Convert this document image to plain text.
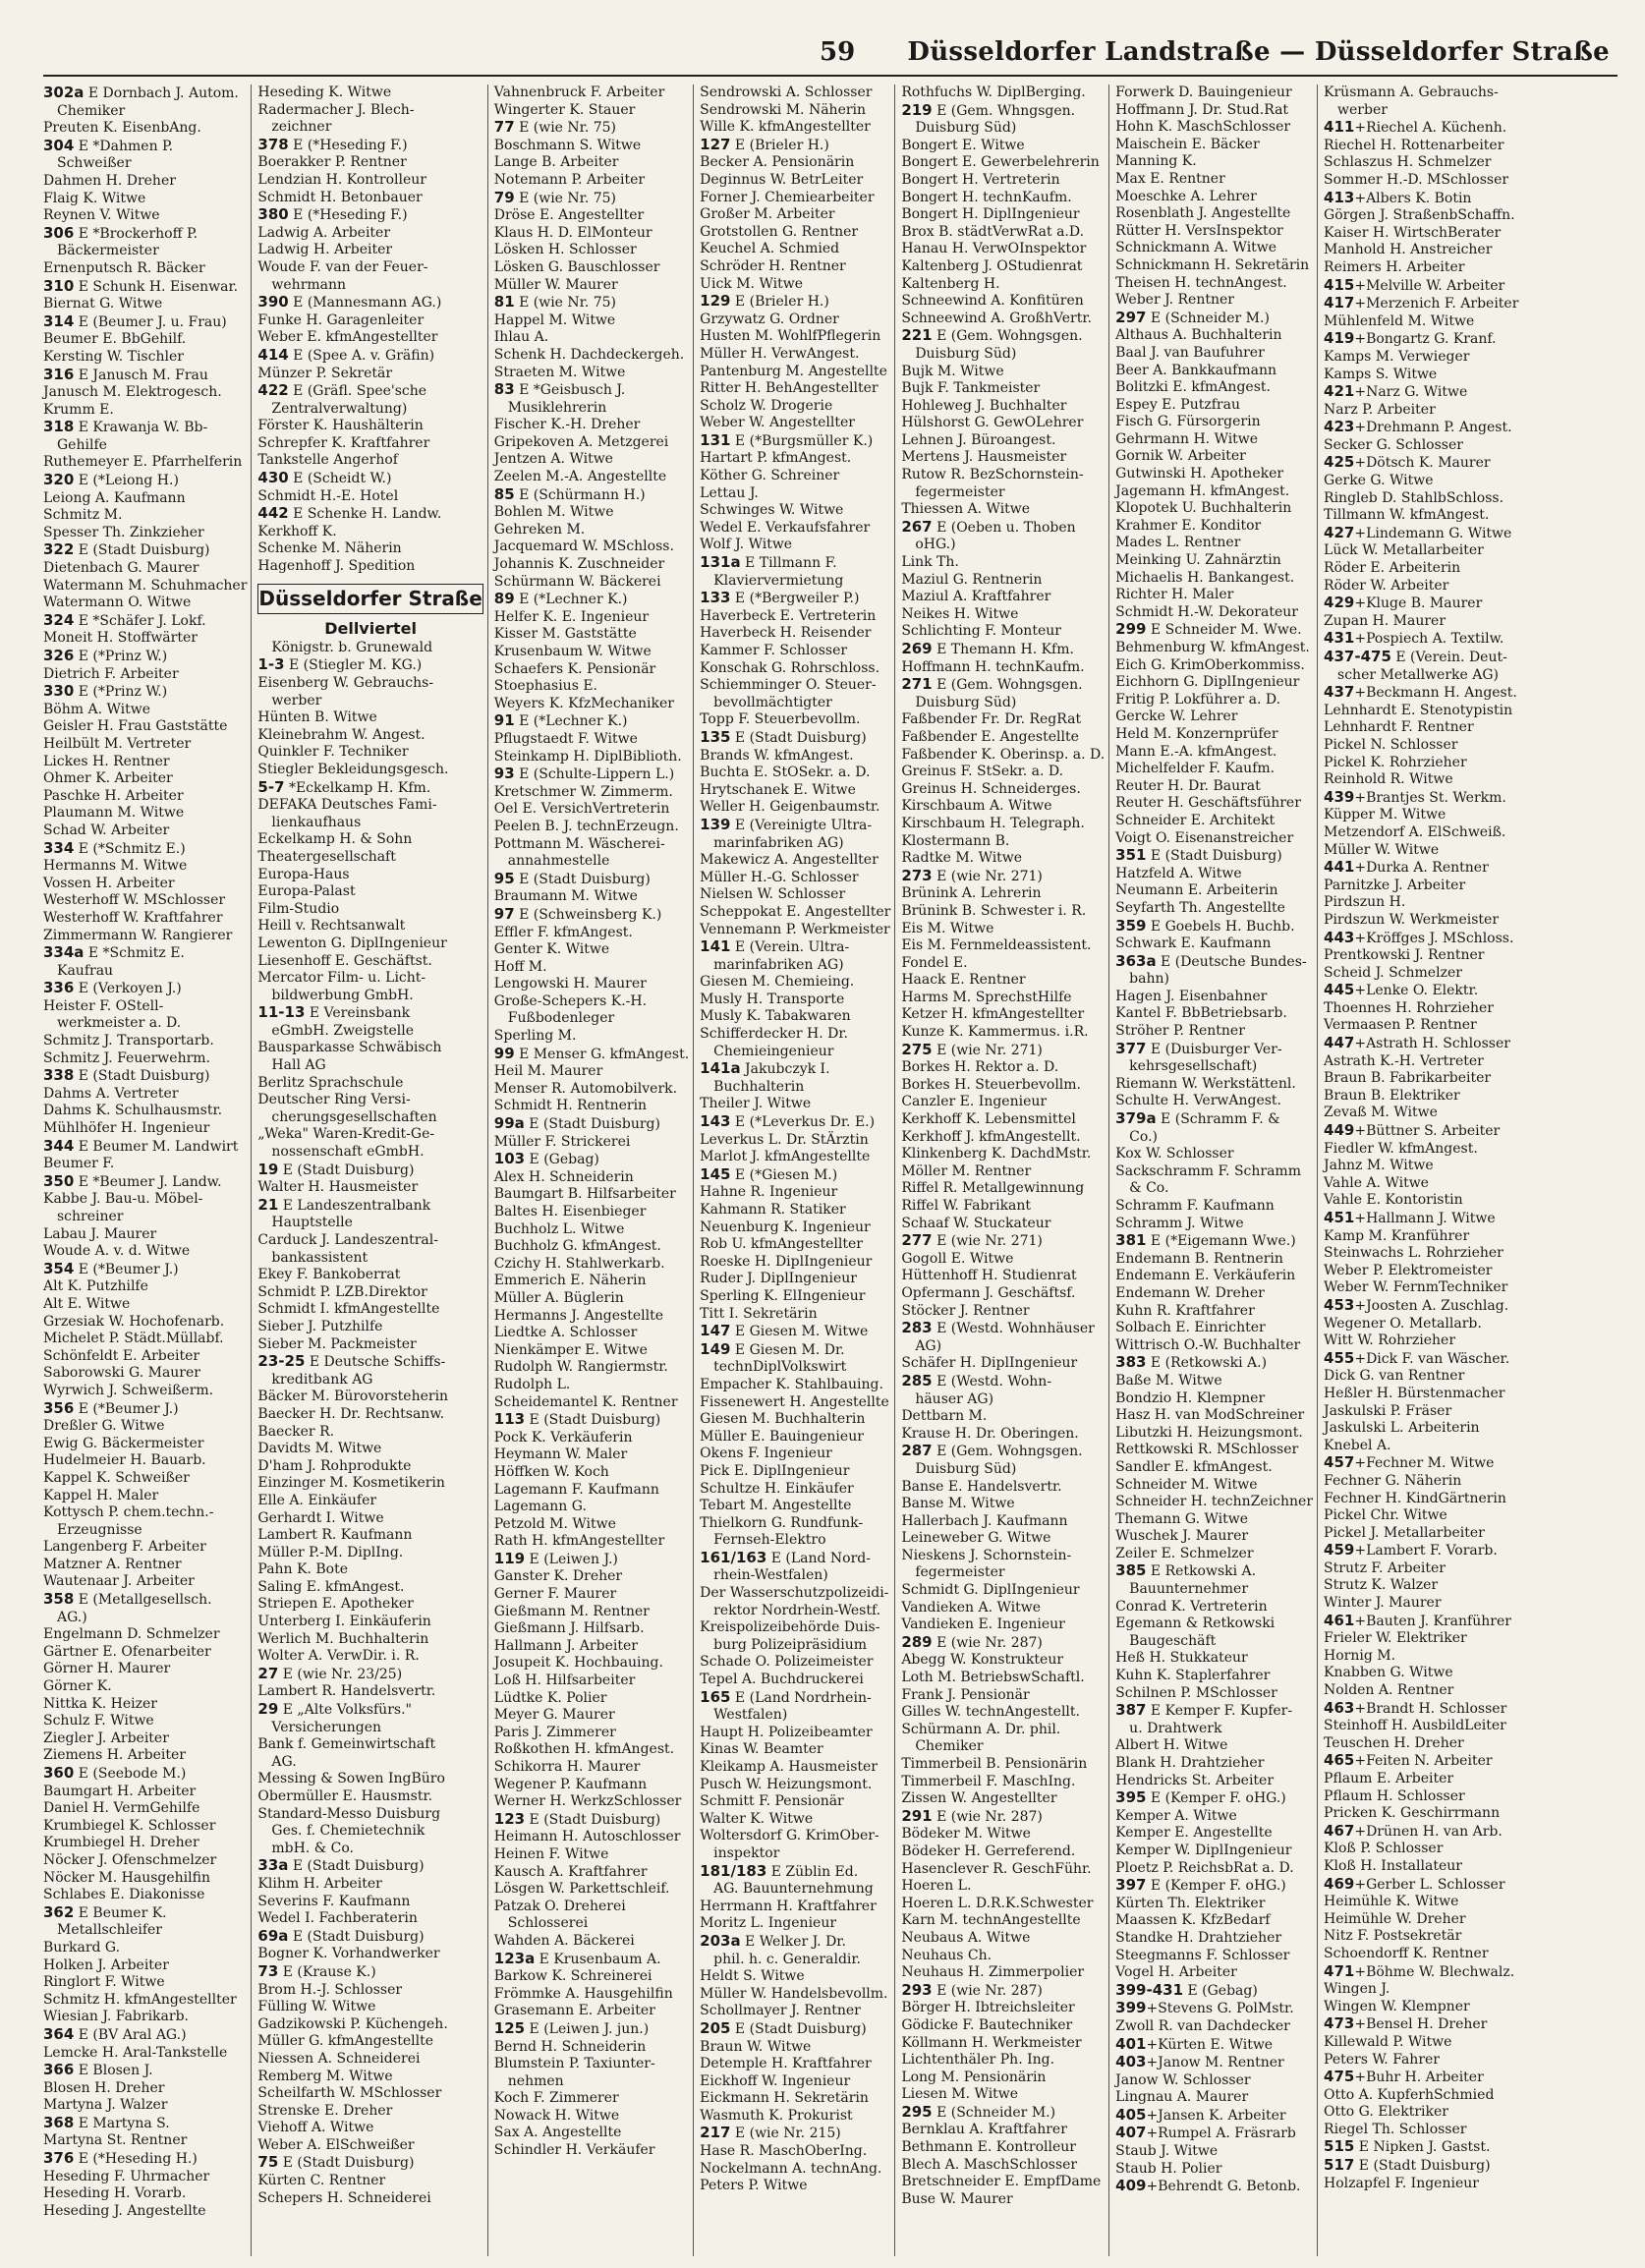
59 Düsseldorfer Landstraße — Düsseldorfer Straße
302a E Dornbach J. Autom.
Chemiker
Preuten K. EisenbAng.
304 E *Dahmen P.
Schweißer
Dahmen H. Dreher
Flaig K. Witwe
Reynen V. Witwe
306 E *Brockerhoff P.
Bäckermeister
Ernenputsch R. Bäcker
310 E Schunk H. Eisenwar.
Biernat G. Witwe
314 E (Beumer J. u. Frau)
Beumer E. BbGehilf.
Kersting W. Tischler
316 E Janusch M. Frau
Janusch M. Elektrogesch.
Krumm E.
318 E Krawanja W. Bb-
Gehilfe
Ruthemeyer E. Pfarrhelferin
320 E (*Leiong H.)
Leiong A. Kaufmann
Schmitz M.
Spesser Th. Zinkzieher
322 E (Stadt Duisburg)
Dietenbach G. Maurer
Watermann M. Schuhmacher
Watermann O. Witwe
324 E *Schäfer J. Lokf.
Moneit H. Stoffwärter
326 E (*Prinz W.)
Dietrich F. Arbeiter
330 E (*Prinz W.)
Böhm A. Witwe
Geisler H. Frau Gaststätte
Heilbült M. Vertreter
Lickes H. Rentner
Ohmer K. Arbeiter
Paschke H. Arbeiter
Plaumann M. Witwe
Schad W. Arbeiter
334 E (*Schmitz E.)
Hermanns M. Witwe
Vossen H. Arbeiter
Westerhoff W. MSchlosser
Westerhoff W. Kraftfahrer
Zimmermann W. Rangierer
334a E *Schmitz E.
Kaufrau
336 E (Verkoyen J.)
Heister F. OStell-
werkmeister a. D.
Schmitz J. Transportarb.
Schmitz J. Feuerwehrm.
338 E (Stadt Duisburg)
Dahms A. Vertreter
Dahms K. Schulhausmstr.
Mühlhöfer H. Ingenieur
344 E Beumer M. Landwirt
Beumer F.
350 E *Beumer J. Landw.
Kabbe J. Bau-u. Möbel-
schreiner
Labau J. Maurer
Woude A. v. d. Witwe
354 E (*Beumer J.)
Alt K. Putzhilfe
Alt E. Witwe
Grzesiak W. Hochofenarb.
Michelet P. Städt.Müllabf.
Schönfeldt E. Arbeiter
Saborowski G. Maurer
Wyrwich J. Schweißerm.
356 E (*Beumer J.)
Dreßler G. Witwe
Ewig G. Bäckermeister
Hudelmeier H. Bauarb.
Kappel K. Schweißer
Kappel H. Maler
Kottysch P. chem.techn.-
Erzeugnisse
Langenberg F. Arbeiter
Matzner A. Rentner
Wautenaar J. Arbeiter
358 E (Metallgesellsch.
AG.)
Engelmann D. Schmelzer
Gärtner E. Ofenarbeiter
Görner H. Maurer
Görner K.
Nittka K. Heizer
Schulz F. Witwe
Ziegler J. Arbeiter
Ziemens H. Arbeiter
360 E (Seebode M.)
Baumgart H. Arbeiter
Daniel H. VermGehilfe
Krumbiegel K. Schlosser
Krumbiegel H. Dreher
Nöcker J. Ofenschmelzer
Nöcker M. Hausgehilfin
Schlabes E. Diakonisse
362 E Beumer K.
Metallschleifer
Burkard G.
Holken J. Arbeiter
Ringlort F. Witwe
Schmitz H. kfmAngestellter
Wiesian J. Fabrikarb.
364 E (BV Aral AG.)
Lemcke H. Aral-Tankstelle
366 E Blosen J.
Blosen H. Dreher
Martyna J. Walzer
368 E Martyna S.
Martyna St. Rentner
376 E (*Heseding H.)
Heseding F. Uhrmacher
Heseding H. Vorarb.
Heseding J. Angestellte
Heseding K. Witwe
Radermacher J. Blech-
zeichner
378 E (*Heseding F.)
Boerakker P. Rentner
Lendzian H. Kontrolleur
Schmidt H. Betonbauer
380 E (*Heseding F.)
Ladwig A. Arbeiter
Ladwig H. Arbeiter
Woude F. van der Feuer-
wehrmann
390 E (Mannesmann AG.)
Funke H. Garagenleiter
Weber E. kfmAngestellter
414 E (Spee A. v. Gräfin)
Münzer P. Sekretär
422 E (Gräfl. Spee'sche
Zentralverwaltung)
Förster K. Haushälterin
Schrepfer K. Kraftfahrer
Tankstelle Angerhof
430 E (Scheidt W.)
Schmidt H.-E. Hotel
442 E Schenke H. Landw.
Kerkhoff K.
Schenke M. Näherin
Hagenhoff J. Spedition
Düsseldorfer Straße
Dellviertel
Königstr. b. Grunewald
1-3 E (Stiegler M. KG.)
Eisenberg W. Gebrauchs-
werber
Hünten B. Witwe
Kleinebrahm W. Angest.
Quinkler F. Techniker
Stiegler Bekleidungsgesch.
5-7 *Eckelkamp H. Kfm.
DEFAKA Deutsches Fami-
lienkaufhaus
Eckelkamp H. & Sohn
Theatergesellschaft
Europa-Haus
Europa-Palast
Film-Studio
Heill v. Rechtsanwalt
Lewenton G. DiplIngenieur
Liesenhoff E. Geschäftst.
Mercator Film- u. Licht-
bildwerbung GmbH.
11-13 E Vereinsbank
eGmbH. Zweigstelle
Bausparkasse Schwäbisch
Hall AG
Berlitz Sprachschule
Deutscher Ring Versi-
cherungsgesellschaften
„Weka" Waren-Kredit-Ge-
nossenschaft eGmbH.
19 E (Stadt Duisburg)
Walter H. Hausmeister
21 E Landeszentralbank
Hauptstelle
Carduck J. Landeszentral-
bankassistent
Ekey F. Bankoberrat
Schmidt P. LZB.Direktor
Schmidt I. kfmAngestellte
Sieber J. Putzhilfe
Sieber M. Packmeister
23-25 E Deutsche Schiffs-
kreditbank AG
Bäcker M. Bürovorsteherin
Baecker H. Dr. Rechtsanw.
Baecker R.
Davidts M. Witwe
D'ham J. Rohprodukte
Einzinger M. Kosmetikerin
Elle A. Einkäufer
Gerhardt I. Witwe
Lambert R. Kaufmann
Müller P.-M. DiplIng.
Pahn K. Bote
Saling E. kfmAngest.
Striepen E. Apotheker
Unterberg I. Einkäuferin
Werlich M. Buchhalterin
Wolter A. VerwDir. i. R.
27 E (wie Nr. 23/25)
Lambert R. Handelsvertr.
29 E „Alte Volksfürs."
Versicherungen
Bank f. Gemeinwirtschaft
AG.
Messing & Sowen IngBüro
Obermüller E. Hausmstr.
Standard-Messo Duisburg
Ges. f. Chemietechnik
mbH. & Co.
33a E (Stadt Duisburg)
Klihm H. Arbeiter
Severins F. Kaufmann
Wedel I. Fachberaterin
69a E (Stadt Duisburg)
Bogner K. Vorhandwerker
73 E (Krause K.)
Brom H.-J. Schlosser
Fülling W. Witwe
Gadzikowski P. Küchengeh.
Müller G. kfmAngestellte
Niessen A. Schneiderei
Remberg M. Witwe
Scheilfarth W. MSchlosser
Strenske E. Dreher
Viehoff A. Witwe
Weber A. ElSchweißer
75 E (Stadt Duisburg)
Kürten C. Rentner
Schepers H. Schneiderei
Vahnenbruck F. Arbeiter
Wingerter K. Stauer
77 E (wie Nr. 75)
Boschmann S. Witwe
Lange B. Arbeiter
Notemann P. Arbeiter
79 E (wie Nr. 75)
Dröse E. Angestellter
Klaus H. D. ElMonteur
Lösken H. Schlosser
Lösken G. Bauschlosser
Müller W. Maurer
81 E (wie Nr. 75)
Happel M. Witwe
Ihlau A.
Schenk H. Dachdeckergeh.
Straeten M. Witwe
83 E *Geisbusch J.
Musiklehrerin
Fischer K.-H. Dreher
Gripekoven A. Metzgerei
Jentzen A. Witwe
Zeelen M.-A. Angestellte
85 E (Schürmann H.)
Bohlen M. Witwe
Gehreken M.
Jacquemard W. MSchloss.
Johannis K. Zuschneider
Schürmann W. Bäckerei
89 E (*Lechner K.)
Helfer K. E. Ingenieur
Kisser M. Gaststätte
Krusenbaum W. Witwe
Schaefers K. Pensionär
Stoephasius E.
Weyers K. KfzMechaniker
91 E (*Lechner K.)
Pflugstaedt F. Witwe
Steinkamp H. DiplBiblioth.
93 E (Schulte-Lippern L.)
Kretschmer W. Zimmerm.
Oel E. VersichVertreterin
Peelen B. J. technErzeugn.
Pottmann M. Wäscherei-
annahmestelle
95 E (Stadt Duisburg)
Braumann M. Witwe
97 E (Schweinsberg K.)
Effler F. kfmAngest.
Genter K. Witwe
Hoff M.
Lengowski H. Maurer
Große-Schepers K.-H.
Fußbodenleger
Sperling M.
99 E Menser G. kfmAngest.
Heil M. Maurer
Menser R. Automobilverk.
Schmidt H. Rentnerin
99a E (Stadt Duisburg)
Müller F. Strickerei
103 E (Gebag)
Alex H. Schneiderin
Baumgart B. Hilfsarbeiter
Baltes H. Eisenbieger
Buchholz L. Witwe
Buchholz G. kfmAngest.
Czichy H. Stahlwerkarb.
Emmerich E. Näherin
Müller A. Büglerin
Hermanns J. Angestellte
Liedtke A. Schlosser
Nienkämper E. Witwe
Rudolph W. Rangiermstr.
Rudolph L.
Scheidemantel K. Rentner
113 E (Stadt Duisburg)
Pock K. Verkäuferin
Heymann W. Maler
Höffken W. Koch
Lagemann F. Kaufmann
Lagemann G.
Petzold M. Witwe
Rath H. kfmAngestellter
119 E (Leiwen J.)
Ganster K. Dreher
Gerner F. Maurer
Gießmann M. Rentner
Gießmann J. Hilfsarb.
Hallmann J. Arbeiter
Josupeit K. Hochbauing.
Loß H. Hilfsarbeiter
Lüdtke K. Polier
Meyer G. Maurer
Paris J. Zimmerer
Roßkothen H. kfmAngest.
Schikorra H. Maurer
Wegener P. Kaufmann
Werner H. WerkzSchlosser
123 E (Stadt Duisburg)
Heimann H. Autoschlosser
Heinen F. Witwe
Kausch A. Kraftfahrer
Lösgen W. Parkettschleif.
Patzak O. Dreherei
Schlosserei
Wahden A. Bäckerei
123a E Krusenbaum A.
Barkow K. Schreinerei
Frömmke A. Hausgehilfin
Grasemann E. Arbeiter
125 E (Leiwen J. jun.)
Bernd H. Schneiderin
Blumstein P. Taxiunter-
nehmen
Koch F. Zimmerer
Nowack H. Witwe
Sax A. Angestellte
Schindler H. Verkäufer
Sendrowski A. Schlosser
Sendrowski M. Näherin
Wille K. kfmAngestellter
127 E (Brieler H.)
Becker A. Pensionärin
Deginnus W. BetrLeiter
Forner J. Chemiearbeiter
Großer M. Arbeiter
Grotstollen G. Rentner
Keuchel A. Schmied
Schröder H. Rentner
Uick M. Witwe
129 E (Brieler H.)
Grzywatz G. Ordner
Husten M. WohlfPflegerin
Müller H. VerwAngest.
Pantenburg M. Angestellte
Ritter H. BehAngestellter
Scholz W. Drogerie
Weber W. Angestellter
131 E (*Burgsmüller K.)
Hartart P. kfmAngest.
Köther G. Schreiner
Lettau J.
Schwinges W. Witwe
Wedel E. Verkaufsfahrer
Wolf J. Witwe
131a E Tillmann F.
Klaviervermietung
133 E (*Bergweiler P.)
Haverbeck E. Vertreterin
Haverbeck H. Reisender
Kammer F. Schlosser
Konschak G. Rohrschloss.
Schiemminger O. Steuer-
bevollmächtigter
Topp F. Steuerbevollm.
135 E (Stadt Duisburg)
Brands W. kfmAngest.
Buchta E. StOSekr. a. D.
Hrytschanek E. Witwe
Weller H. Geigenbaumstr.
139 E (Vereinigte Ultra-
marinfabriken AG)
Makewicz A. Angestellter
Müller H.-G. Schlosser
Nielsen W. Schlosser
Scheppokat E. Angestellter
Vennemann P. Werkmeister
141 E (Verein. Ultra-
marinfabriken AG)
Giesen M. Chemieing.
Musly H. Transporte
Musly K. Tabakwaren
Schifferdecker H. Dr.
Chemieingenieur
141a Jakubczyk I.
Buchhalterin
Theiler J. Witwe
143 E (*Leverkus Dr. E.)
Leverkus L. Dr. StÄrztin
Marlot J. kfmAngestellte
145 E (*Giesen M.)
Hahne R. Ingenieur
Kahmann R. Statiker
Neuenburg K. Ingenieur
Rob U. kfmAngestellter
Roeske H. DiplIngenieur
Ruder J. DiplIngenieur
Sperling K. ElIngenieur
Titt I. Sekretärin
147 E Giesen M. Witwe
149 E Giesen M. Dr.
technDiplVolkswirt
Empacher K. Stahlbauing.
Fissenewert H. Angestellte
Giesen M. Buchhalterin
Müller E. Bauingenieur
Okens F. Ingenieur
Pick E. DiplIngenieur
Schultze H. Einkäufer
Tebart M. Angestellte
Thielkorn G. Rundfunk-
Fernseh-Elektro
161/163 E (Land Nord-
rhein-Westfalen)
Der Wasserschutzpolizeidi-
rektor Nordrhein-Westf.
Kreispolizeibehörde Duis-
burg Polizeipräsidium
Schade O. Polizeimeister
Tepel A. Buchdruckerei
165 E (Land Nordrhein-
Westfalen)
Haupt H. Polizeibeamter
Kinas W. Beamter
Kleikamp A. Hausmeister
Pusch W. Heizungsmont.
Schmitt F. Pensionär
Walter K. Witwe
Woltersdorf G. KrimOber-
inspektor
181/183 E Züblin Ed.
AG. Bauunternehmung
Herrmann H. Kraftfahrer
Moritz L. Ingenieur
203a E Welker J. Dr.
phil. h. c. Generaldir.
Heldt S. Witwe
Müller W. Handelsbevollm.
Schollmayer J. Rentner
205 E (Stadt Duisburg)
Braun W. Witwe
Detemple H. Kraftfahrer
Eickhoff W. Ingenieur
Eickmann H. Sekretärin
Wasmuth K. Prokurist
217 E (wie Nr. 215)
Hase R. MaschOberIng.
Nockelmann A. technAng.
Peters P. Witwe
Rothfuchs W. DiplBerging.
219 E (Gem. Whngsgen.
Duisburg Süd)
Bongert E. Witwe
Bongert E. Gewerbelehrerin
Bongert H. Vertreterin
Bongert H. technKaufm.
Bongert H. DiplIngenieur
Brox B. städtVerwRat a.D.
Hanau H. VerwOInspektor
Kaltenberg J. OStudienrat
Kaltenberg H.
Schneewind A. Konfitüren
Schneewind A. GroßhVertr.
221 E (Gem. Wohngsgen.
Duisburg Süd)
Bujk M. Witwe
Bujk F. Tankmeister
Hohleweg J. Buchhalter
Hülshorst G. GewOLehrer
Lehnen J. Büroangest.
Mertens J. Hausmeister
Rutow R. BezSchornstein-
fegermeister
Thiessen A. Witwe
267 E (Oeben u. Thoben
oHG.)
Link Th.
Maziul G. Rentnerin
Maziul A. Kraftfahrer
Neikes H. Witwe
Schlichting F. Monteur
269 E Themann H. Kfm.
Hoffmann H. technKaufm.
271 E (Gem. Wohngsgen.
Duisburg Süd)
Faßbender Fr. Dr. RegRat
Faßbender E. Angestellte
Faßbender K. Oberinsp. a. D.
Greinus F. StSekr. a. D.
Greinus H. Schneiderges.
Kirschbaum A. Witwe
Kirschbaum H. Telegraph.
Klostermann B.
Radtke M. Witwe
273 E (wie Nr. 271)
Brünink A. Lehrerin
Brünink B. Schwester i. R.
Eis M. Witwe
Eis M. Fernmeldeassistent.
Fondel E.
Haack E. Rentner
Harms M. SprechstHilfe
Ketzer H. kfmAngestellter
Kunze K. Kammermus. i.R.
275 E (wie Nr. 271)
Borkes H. Rektor a. D.
Borkes H. Steuerbevollm.
Canzler E. Ingenieur
Kerkhoff K. Lebensmittel
Kerkhoff J. kfmAngestellt.
Klinkenberg K. DachdMstr.
Möller M. Rentner
Riffel R. Metallgewinnung
Riffel W. Fabrikant
Schaaf W. Stuckateur
277 E (wie Nr. 271)
Gogoll E. Witwe
Hüttenhoff H. Studienrat
Opfermann J. Geschäftsf.
Stöcker J. Rentner
283 E (Westd. Wohnhäuser
AG)
Schäfer H. DiplIngenieur
285 E (Westd. Wohn-
häuser AG)
Dettbarn M.
Krause H. Dr. Oberingen.
287 E (Gem. Wohngsgen.
Duisburg Süd)
Banse E. Handelsvertr.
Banse M. Witwe
Hallerbach J. Kaufmann
Leineweber G. Witwe
Nieskens J. Schornstein-
fegermeister
Schmidt G. DiplIngenieur
Vandieken A. Witwe
Vandieken E. Ingenieur
289 E (wie Nr. 287)
Abegg W. Konstrukteur
Loth M. BetriebswSchaftl.
Frank J. Pensionär
Gilles W. technAngestellt.
Schürmann A. Dr. phil.
Chemiker
Timmerbeil B. Pensionärin
Timmerbeil F. MaschIng.
Zissen W. Angestellter
291 E (wie Nr. 287)
Bödeker M. Witwe
Bödeker H. Gerreferend.
Hasenclever R. GeschFühr.
Hoeren L.
Hoeren L. D.R.K.Schwester
Karn M. technAngestellte
Neubaus A. Witwe
Neuhaus Ch.
Neuhaus H. Zimmerpolier
293 E (wie Nr. 287)
Börger H. Ibtreichsleiter
Gödicke F. Bautechniker
Köllmann H. Werkmeister
Lichtenthäler Ph. Ing.
Long M. Pensionärin
Liesen M. Witwe
295 E (Schneider M.)
Bernklau A. Kraftfahrer
Bethmann E. Kontrolleur
Blech A. MaschSchlosser
Bretschneider E. EmpfDame
Buse W. Maurer
Forwerk D. Bauingenieur
Hoffmann J. Dr. Stud.Rat
Hohn K. MaschSchlosser
Maischein E. Bäcker
Manning K.
Max E. Rentner
Moeschke A. Lehrer
Rosenblath J. Angestellte
Rütter H. VersInspektor
Schnickmann A. Witwe
Schnickmann H. Sekretärin
Theisen H. technAngest.
Weber J. Rentner
297 E (Schneider M.)
Althaus A. Buchhalterin
Baal J. van Baufuhrer
Beer A. Bankkaufmann
Bolitzki E. kfmAngest.
Espey E. Putzfrau
Fisch G. Fürsorgerin
Gehrmann H. Witwe
Gornik W. Arbeiter
Gutwinski H. Apotheker
Jagemann H. kfmAngest.
Klopotek U. Buchhalterin
Krahmer E. Konditor
Mades L. Rentner
Meinking U. Zahnärztin
Michaelis H. Bankangest.
Richter H. Maler
Schmidt H.-W. Dekorateur
299 E Schneider M. Wwe.
Behmenburg W. kfmAngest.
Eich G. KrimOberkommiss.
Eichhorn G. DiplIngenieur
Fritig P. Lokführer a. D.
Gercke W. Lehrer
Held M. Konzernprüfer
Mann E.-A. kfmAngest.
Michelfelder F. Kaufm.
Reuter H. Dr. Baurat
Reuter H. Geschäftsführer
Schneider E. Architekt
Voigt O. Eisenanstreicher
351 E (Stadt Duisburg)
Hatzfeld A. Witwe
Neumann E. Arbeiterin
Seyfarth Th. Angestellte
359 E Goebels H. Buchb.
Schwark E. Kaufmann
363a E (Deutsche Bundes-
bahn)
Hagen J. Eisenbahner
Kantel F. BbBetriebsarb.
Ströher P. Rentner
377 E (Duisburger Ver-
kehrsgesellschaft)
Riemann W. Werkstättenl.
Schulte H. VerwAngest.
379a E (Schramm F. &
Co.)
Kox W. Schlosser
Sackschramm F. Schramm
& Co.
Schramm F. Kaufmann
Schramm J. Witwe
381 E (*Eigemann Wwe.)
Endemann B. Rentnerin
Endemann E. Verkäuferin
Endemann W. Dreher
Kuhn R. Kraftfahrer
Solbach E. Einrichter
Wittrisch O.-W. Buchhalter
383 E (Retkowski A.)
Baße M. Witwe
Bondzio H. Klempner
Hasz H. van ModSchreiner
Libutzki H. Heizungsmont.
Rettkowski R. MSchlosser
Sandler E. kfmAngest.
Schneider M. Witwe
Schneider H. technZeichner
Themann G. Witwe
Wuschek J. Maurer
Zeiler E. Schmelzer
385 E Retkowski A.
Bauunternehmer
Conrad K. Vertreterin
Egemann & Retkowski
Baugeschäft
Heß H. Stukkateur
Kuhn K. Staplerfahrer
Schilnen P. MSchlosser
387 E Kemper F. Kupfer-
u. Drahtwerk
Albert H. Witwe
Blank H. Drahtzieher
Hendricks St. Arbeiter
395 E (Kemper F. oHG.)
Kemper A. Witwe
Kemper E. Angestellte
Kemper W. DiplIngenieur
Ploetz P. ReichsbRat a. D.
397 E (Kemper F. oHG.)
Kürten Th. Elektriker
Maassen K. KfzBedarf
Standke H. Drahtzieher
Steegmanns F. Schlosser
Vogel H. Arbeiter
399-431 E (Gebag)
399+Stevens G. PolMstr.
Zwoll R. van Dachdecker
401+Kürten E. Witwe
403+Janow M. Rentner
Janow W. Schlosser
Lingnau A. Maurer
405+Jansen K. Arbeiter
407+Rumpel A. Fräsrarb
Staub J. Witwe
Staub H. Polier
409+Behrendt G. Betonb.
Krüsmann A. Gebrauchs-
werber
411+Riechel A. Küchenh.
Riechel H. Rottenarbeiter
Schlaszus H. Schmelzer
Sommer H.-D. MSchlosser
413+Albers K. Botin
Görgen J. StraßenbSchaffn.
Kaiser H. WirtschBerater
Manhold H. Anstreicher
Reimers H. Arbeiter
415+Melville W. Arbeiter
417+Merzenich F. Arbeiter
Mühlenfeld M. Witwe
419+Bongartz G. Kranf.
Kamps M. Verwieger
Kamps S. Witwe
421+Narz G. Witwe
Narz P. Arbeiter
423+Drehmann P. Angest.
Secker G. Schlosser
425+Dötsch K. Maurer
Gerke G. Witwe
Ringleb D. StahlbSchloss.
Tillmann W. kfmAngest.
427+Lindemann G. Witwe
Lück W. Metallarbeiter
Röder E. Arbeiterin
Röder W. Arbeiter
429+Kluge B. Maurer
Zupan H. Maurer
431+Pospiech A. Textilw.
437-475 E (Verein. Deut-
scher Metallwerke AG)
437+Beckmann H. Angest.
Lehnhardt E. Stenotypistin
Lehnhardt F. Rentner
Pickel N. Schlosser
Pickel K. Rohrzieher
Reinhold R. Witwe
439+Brantjes St. Werkm.
Küpper M. Witwe
Metzendorf A. ElSchweiß.
Müller W. Witwe
441+Durka A. Rentner
Parnitzke J. Arbeiter
Pirdszun H.
Pirdszun W. Werkmeister
443+Kröffges J. MSchloss.
Prentkowski J. Rentner
Scheid J. Schmelzer
445+Lenke O. Elektr.
Thoennes H. Rohrzieher
Vermaasen P. Rentner
447+Astrath H. Schlosser
Astrath K.-H. Vertreter
Braun B. Fabrikarbeiter
Braun B. Elektriker
Zevaß M. Witwe
449+Büttner S. Arbeiter
Fiedler W. kfmAngest.
Jahnz M. Witwe
Vahle A. Witwe
Vahle E. Kontoristin
451+Hallmann J. Witwe
Kamp M. Kranführer
Steinwachs L. Rohrzieher
Weber P. Elektromeister
Weber W. FernmTechniker
453+Joosten A. Zuschlag.
Wegener O. Metallarb.
Witt W. Rohrzieher
455+Dick F. van Wäscher.
Dick G. van Rentner
Heßler H. Bürstenmacher
Jaskulski P. Fräser
Jaskulski L. Arbeiterin
Knebel A.
457+Fechner M. Witwe
Fechner G. Näherin
Fechner H. KindGärtnerin
Pickel Chr. Witwe
Pickel J. Metallarbeiter
459+Lambert F. Vorarb.
Strutz F. Arbeiter
Strutz K. Walzer
Winter J. Maurer
461+Bauten J. Kranführer
Frieler W. Elektriker
Hornig M.
Knabben G. Witwe
Nolden A. Rentner
463+Brandt H. Schlosser
Steinhoff H. AusbildLeiter
Teuschen H. Dreher
465+Feiten N. Arbeiter
Pflaum E. Arbeiter
Pflaum H. Schlosser
Pricken K. Geschirrmann
467+Drünen H. van Arb.
Kloß P. Schlosser
Kloß H. Installateur
469+Gerber L. Schlosser
Heimühle K. Witwe
Heimühle W. Dreher
Nitz F. Postsekretär
Schoendorff K. Rentner
471+Böhme W. Blechwalz.
Wingen J.
Wingen W. Klempner
473+Bensel H. Dreher
Killewald P. Witwe
Peters W. Fahrer
475+Buhr H. Arbeiter
Otto A. KupferhSchmied
Otto G. Elektriker
Riegel Th. Schlosser
515 E Nipken J. Gastst.
517 E (Stadt Duisburg)
Holzapfel F. Ingenieur
